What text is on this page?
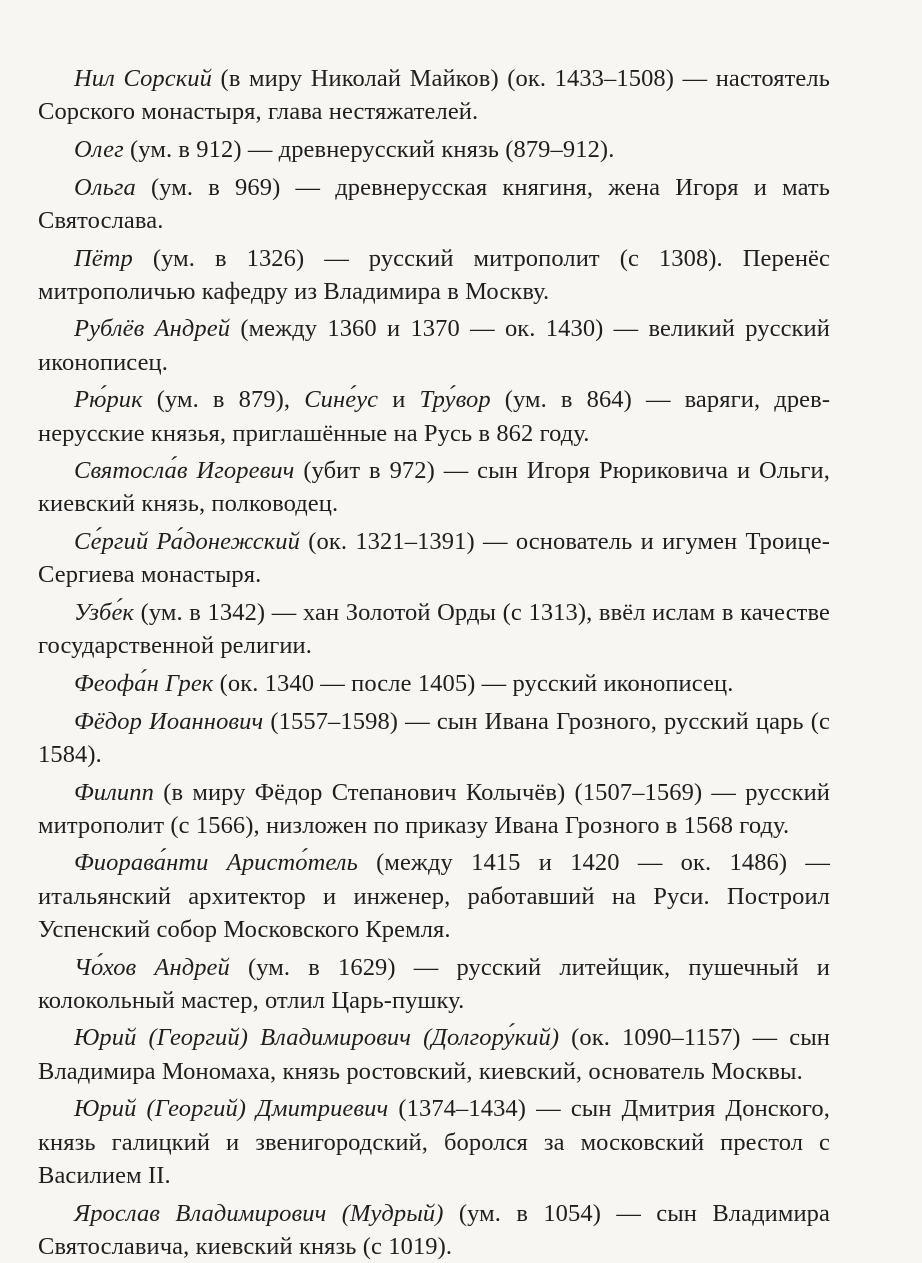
Нил Сорский (в миру Николай Майков) (ок. 1433–1508) — настоятель Сорского монастыря, глава нестяжателей.
Олег (ум. в 912) — древнерусский князь (879–912).
Ольга (ум. в 969) — древнерусская княгиня, жена Игоря и мать Святослава.
Пётр (ум. в 1326) — русский митрополит (с 1308). Перенёс митрополичью кафедру из Владимира в Москву.
Рублёв Андрей (между 1360 и 1370 — ок. 1430) — великий русский иконописец.
Рю́рик (ум. в 879), Сине́ус и Тру́вор (ум. в 864) — варяги, древнерусские князья, приглашённые на Русь в 862 году.
Святосла́в Игоревич (убит в 972) — сын Игоря Рюриковича и Ольги, киевский князь, полководец.
Се́ргий Ра́донежский (ок. 1321–1391) — основатель и игумен Троице-Сергиева монастыря.
Узбе́к (ум. в 1342) — хан Золотой Орды (с 1313), ввёл ислам в качестве государственной религии.
Феофа́н Грек (ок. 1340 — после 1405) — русский иконописец.
Фёдор Иоаннович (1557–1598) — сын Ивана Грозного, русский царь (с 1584).
Филипп (в миру Фёдор Степанович Колычёв) (1507–1569) — русский митрополит (с 1566), низложен по приказу Ивана Грозного в 1568 году.
Фиорава́нти Аристо́тель (между 1415 и 1420 — ок. 1486) — итальянский архитектор и инженер, работавший на Руси. Построил Успенский собор Московского Кремля.
Чо́хов Андрей (ум. в 1629) — русский литейщик, пушечный и колокольный мастер, отлил Царь-пушку.
Юрий (Георгий) Владимирович (Долгору́кий) (ок. 1090–1157) — сын Владимира Мономаха, князь ростовский, киевский, основатель Москвы.
Юрий (Георгий) Дмитриевич (1374–1434) — сын Дмитрия Донского, князь галицкий и звенигородский, боролся за московский престол с Василием II.
Ярослав Владимирович (Мудрый) (ум. в 1054) — сын Владимира Святославича, киевский князь (с 1019).
